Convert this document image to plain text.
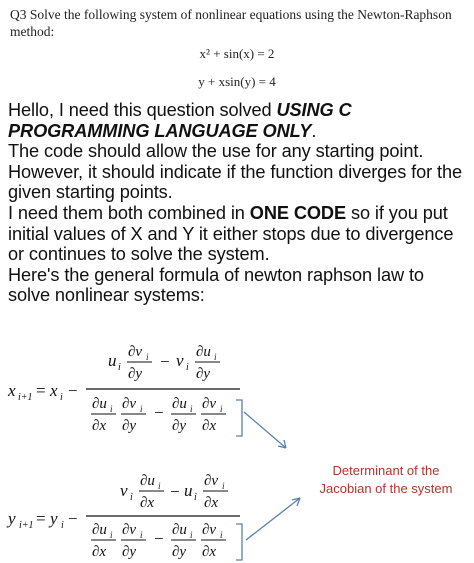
Q3 Solve the following system of nonlinear equations using the Newton-Raphson method:
x² + sin(x) = 2
y + xsin(y) = 4

Hello, I need this question solved USING C PROGRAMMING LANGUAGE ONLY.

The code should allow the use for any starting point. However, it should indicate if the function diverges for the given starting points.

I need them both combined in ONE CODE so if you put initial values of X and Y it either stops due to divergence or continues to solve the system.

Here's the general formula of newton raphson law to solve nonlinear systems:

x i+1 = x i −
u i
∂v i
∂y
− v i
∂u i
∂y
∂u i
∂x
∂v i
∂y
− ∂u i
∂y
∂v i
∂x
y i+1 = y i −
v i
∂u i
∂x
− u i
∂v i
∂x
∂u i
∂x
∂v i
∂y
− ∂u i
∂y
∂v i
∂x
Determinant of the Jacobian of the system
